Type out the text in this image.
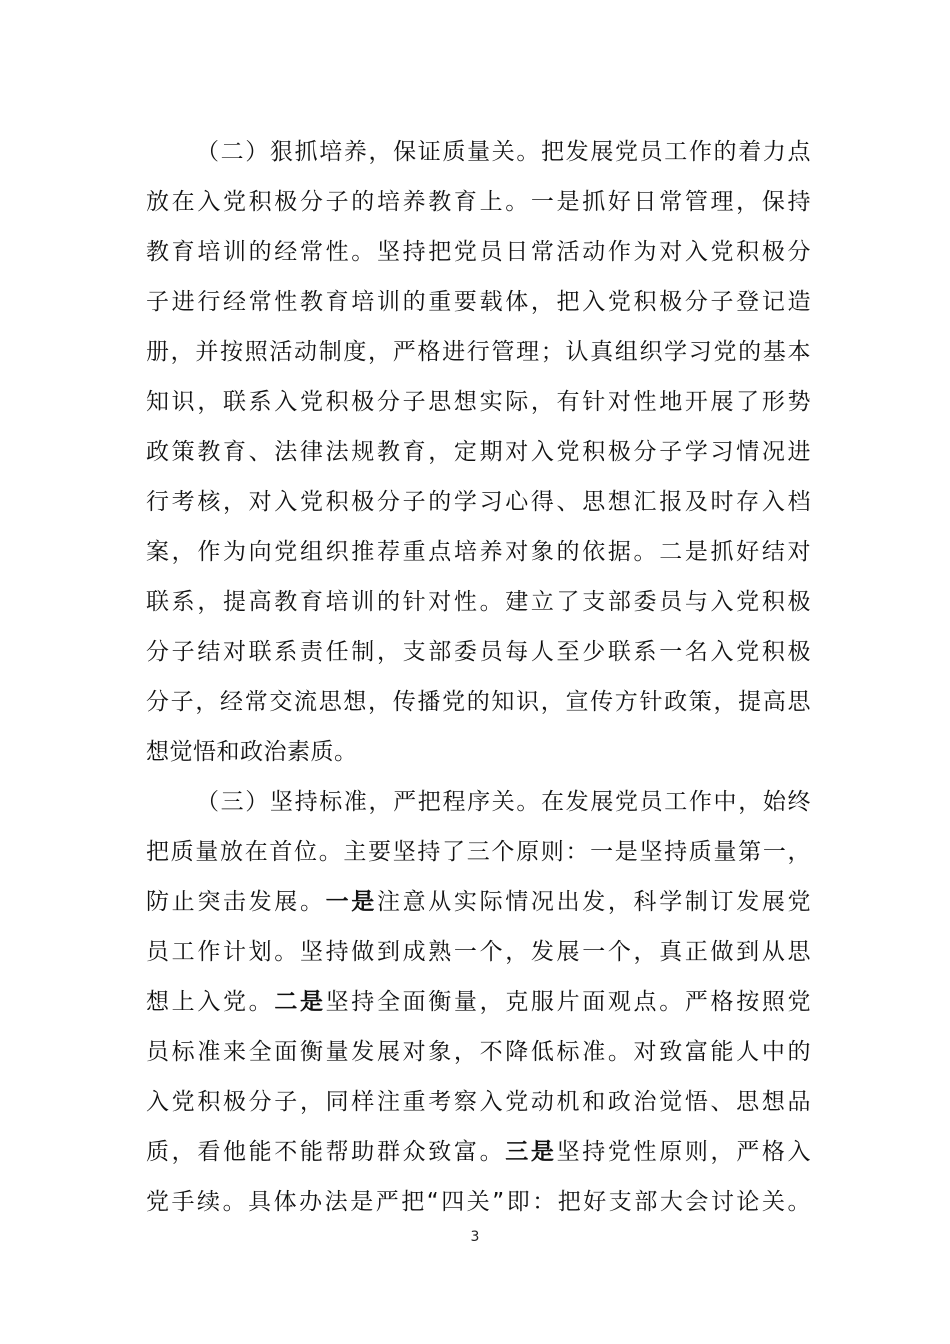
（二）狠抓培养，保证质量关。把发展党员工作的着力点
放在入党积极分子的培养教育上。一是抓好日常管理，保持
教育培训的经常性。坚持把党员日常活动作为对入党积极分
子进行经常性教育培训的重要载体，把入党积极分子登记造
册，并按照活动制度，严格进行管理；认真组织学习党的基本
知识，联系入党积极分子思想实际，有针对性地开展了形势
政策教育、法律法规教育，定期对入党积极分子学习情况进
行考核，对入党积极分子的学习心得、思想汇报及时存入档
案，作为向党组织推荐重点培养对象的依据。二是抓好结对
联系，提高教育培训的针对性。建立了支部委员与入党积极
分子结对联系责任制，支部委员每人至少联系一名入党积极
分子，经常交流思想，传播党的知识，宣传方针政策，提高思
想觉悟和政治素质。
（三）坚持标准，严把程序关。在发展党员工作中，始终
把质量放在首位。主要坚持了三个原则：一是坚持质量第一，
防止突击发展。一是注意从实际情况出发，科学制订发展党
员工作计划。坚持做到成熟一个，发展一个，真正做到从思
想上入党。二是坚持全面衡量，克服片面观点。严格按照党
员标准来全面衡量发展对象，不降低标准。对致富能人中的
入党积极分子，同样注重考察入党动机和政治觉悟、思想品
质，看他能不能帮助群众致富。三是坚持党性原则，严格入
党手续。具体办法是严把“四关”即：把好支部大会讨论关。
3
